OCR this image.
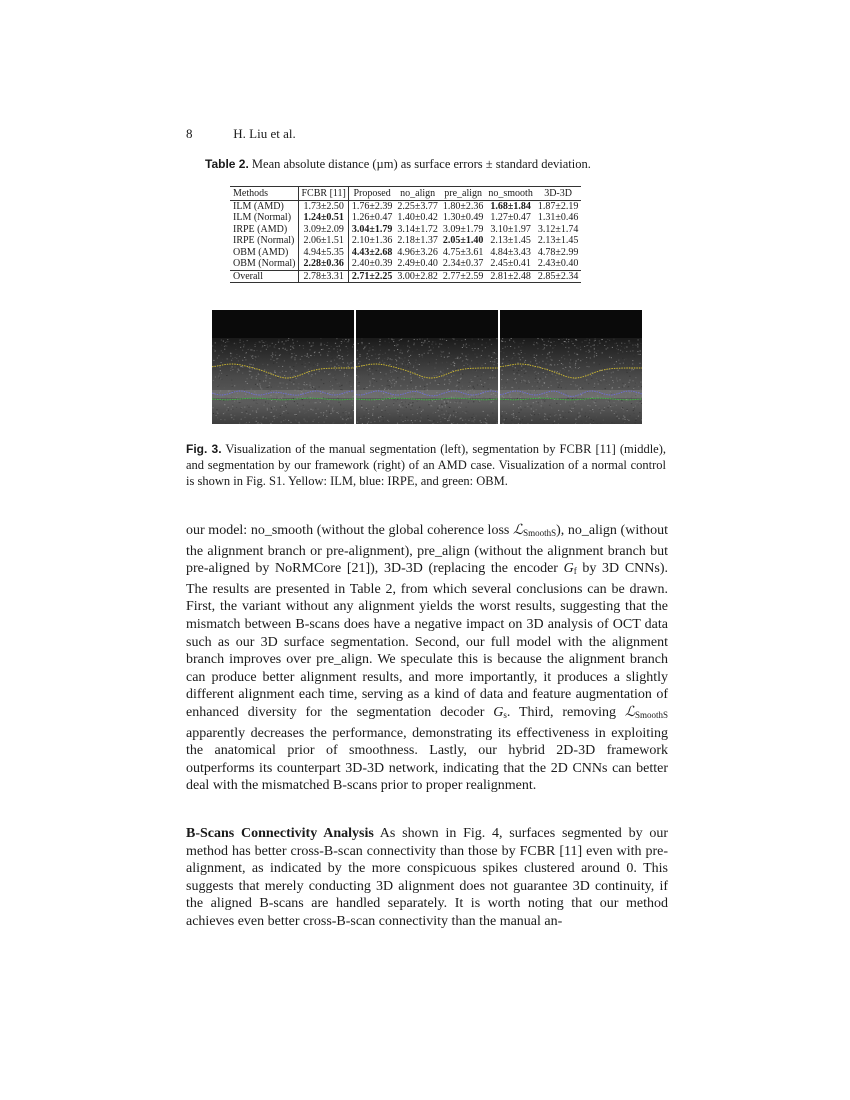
8	H. Liu et al.
Table 2. Mean absolute distance (µm) as surface errors ± standard deviation.
Methods	FCBR [11]	Proposed	no_align	pre_align	no_smooth	3D-3D
ILM (AMD)	1.73±2.50	1.76±2.39	2.25±3.77	1.80±2.36	1.68±1.84	1.87±2.19
ILM (Normal)	1.24±0.51	1.26±0.47	1.40±0.42	1.30±0.49	1.27±0.47	1.31±0.46
IRPE (AMD)	3.09±2.09	3.04±1.79	3.14±1.72	3.09±1.79	3.10±1.97	3.12±1.74
IRPE (Normal)	2.06±1.51	2.10±1.36	2.18±1.37	2.05±1.40	2.13±1.45	2.13±1.45
OBM (AMD)	4.94±5.35	4.43±2.68	4.96±3.26	4.75±3.61	4.84±3.43	4.78±2.99
OBM (Normal)	2.28±0.36	2.40±0.39	2.49±0.40	2.34±0.37	2.45±0.41	2.43±0.40
Overall	2.78±3.31	2.71±2.25	3.00±2.82	2.77±2.59	2.81±2.48	2.85±2.34
Fig. 3. Visualization of the manual segmentation (left), segmentation by FCBR [11] (middle), and segmentation by our framework (right) of an AMD case. Visualization of a normal control is shown in Fig. S1. Yellow: ILM, blue: IRPE, and green: OBM.
our model: no_smooth (without the global coherence loss ℒ$_{SmoothS}$), no_align (without the alignment branch or pre-alignment), pre_align (without the alignment branch but pre-aligned by NoRMCore [21]), 3D-3D (replacing the encoder $G_f$ by 3D CNNs). The results are presented in Table 2, from which several conclusions can be drawn. First, the variant without any alignment yields the worst results, suggesting that the mismatch between B-scans does have a negative impact on 3D analysis of OCT data such as our 3D surface segmentation. Second, our full model with the alignment branch improves over pre_align. We speculate this is because the alignment branch can produce better alignment results, and more importantly, it produces a slightly different alignment each time, serving as a kind of data and feature augmentation of enhanced diversity for the segmentation decoder $G_s$. Third, removing ℒ$_{SmoothS}$ apparently decreases the performance, demonstrating its effectiveness in exploiting the anatomical prior of smoothness. Lastly, our hybrid 2D-3D framework outperforms its counterpart 3D-3D network, indicating that the 2D CNNs can better deal with the mismatched B-scans prior to proper realignment.
B-Scans Connectivity Analysis As shown in Fig. 4, surfaces segmented by our method has better cross-B-scan connectivity than those by FCBR [11] even with pre-alignment, as indicated by the more conspicuous spikes clustered around 0. This suggests that merely conducting 3D alignment does not guarantee 3D continuity, if the aligned B-scans are handled separately. It is worth noting that our method achieves even better cross-B-scan connectivity than the manual an-
